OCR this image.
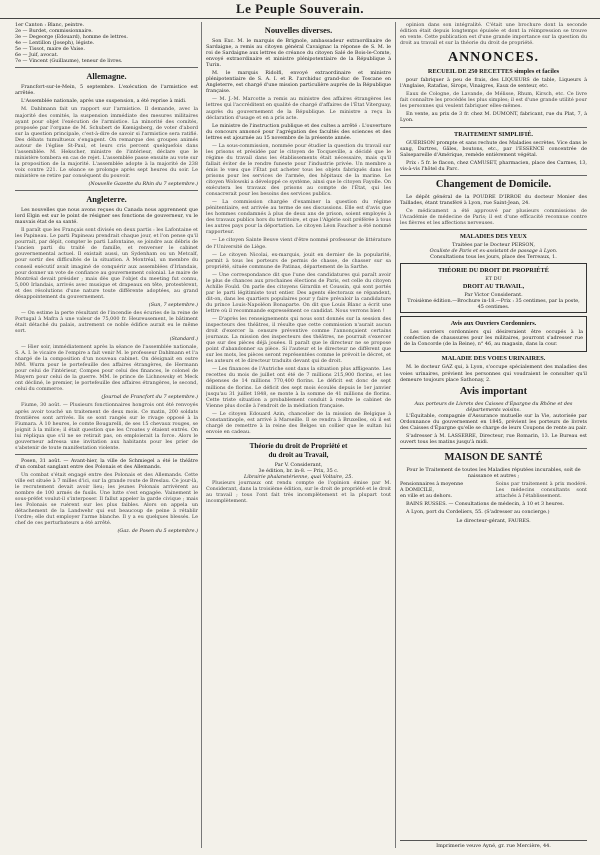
Le Peuple Souverain.
1er Canton : Blanc, peintre.
2e — Burdet, commissionnaire.
3e — Degeorge (Edouard), homme de lettres.
4e — Lentillon (Joseph), légiste.
5e — Tissot, maire de Vaise.
6e — Juif, avocat.
7e — Vincent (Guillaume), teneur de livres.
Allemagne.

Francfort-sur-le-Mein, 5 septembre. L'exécution de l'armistice est arrêtée.

L'Assemblée nationale, après une suspension, a été reprise à midi.

M. Dahlmann fait un rapport sur l'armistice. Il demande, avec la majorité des comités, la suspension immédiate des mesures militaires ayant pour objet l'exécution de l'armistice. La minorité des comités, proposée par l'organe de M. Schubert de Kœnigsberg, de voter d'abord sur la question principale, c'est-à-dire de savoir si l'armistice sera ratifié. Des débats tumultueux s'engagent. On remarque des groupes animés autour de l'église St-Paul, et leurs cris percent quelquefois dans l'assemblée. M. Hekscher, ministre de l'intérieur, déclare que le ministère tombera en cas de rejet. L'assemblée passe ensuite au vote sur la proposition de la majorité. L'assemblée adopte à la majorité de 238 voix contre 221. Le séance se prolonge après sept heures du soir. Le ministère se retire par conséquent du pouvoir.

(Nouvelle Gazette du Rhin du 7 septembre.)

Angleterre.

Les nouvelles que nous avons reçues du Canada nous apprennent que lord Elgin est sur le point de résigner ses fonctions de gouverneur, vu le mauvais état de sa santé.

Il paraît que les Français sont divisés en deux partis : les Lafontaine et les Papineau. Le parti Papineau prendrait chaque jour, et l'on pense qu'il pourrait, par dépit, compter le parti Lafontaine, se joindre aux débris de l'ancien parti du traité de famille, et renverser le cabinet gouvernemental actuel. Il existait aussi, un Sydenham ou un Metcalf, pour sortir des difficultés de la situation. À Montréal, un membre du conseil exécutif avait imaginé de conquérir aux assemblées d'Irlandais, pour donner un vote de confiance au gouvernement colonial. Le maire de Montréal devait présider ; mais dès que l'objet du meeting fut connu, 5,000 Irlandais, arrivés avec musique et drapeaux en tête, protestèrent, et des résolutions d'une nature toute différente adoptées, au grand désappointement du gouvernement.

(Sun, 7 septembre.)

— On estime la perte résultant de l'incendie des écuries de la reine de Portugal à Mafra à une valeur de 75,000 fr. Heureusement, le bâtiment était détaché du palais, autrement ce noble édifice aurait eu le même sort.

(Standard.)

— Hier soir, immédiatement après la séance de l'assemblée nationale, S. A. I. le vicaire de l'empire a fait venir M. le professeur Dahlmann et l'a chargé de la composition d'un nouveau cabinet. On désignait en outre MM. Wurm pour le portefeuille des affaires étrangères, de Hermann pour celui de l'intérieur, Compes pour celui des finances, le colonel de Mayern pour celui de la guerre. MM. le prince de Lichnowsky et Meck ont décliné, le premier, le portefeuille des affaires étrangères, le second, celui du commerce.

(Journal de Francfort du 7 septembre.)

Fiume, 30 août. — Plusieurs fonctionnaires hongrois ont été renvoyés après avoir touché un traitement de deux mois. Ce matin, 200 soldats frontières sont arrivés. Ils se sont rangés sur le rivage opposé à la Fiumara. À 10 heures, le comte Bougarelli, de ses 15 chevaux rouges, se joignit à la milice; il était question que les Croates y étaient entrés. On lui répliqua que s'il ne se retirait pas, on emploierait la force. Alors le gouverneur adressa une invitation aux habitants pour les prier de s'abstenir de toute manifestation violente.

Posen, 31 août. — Avant-hier, la ville de Schmiegel a été le théâtre d'un combat sanglant entre des Polonais et des Allemands.

Un combat s'était engagé entre des Polonais et des Allemands. Cette ville est située à 7 milles d'ici, sur la grande route de Breslau. Ce jour-là, le recrutement devait avoir lieu; les jeunes Polonais arrivèrent au nombre de 100 armés de fusils. Une lutte s'est engagée. Vainement le sous-préfet voulut-il s'interposer. Il fallut appeler la garde civique ; mais les Polonais se ruèrent sur les plus faibles. Alors on appela un détachement de la Landwehr qui eut beaucoup de peine à rétablir l'ordre; elle dut employer l'arme blanche. Il y a eu quelques blessés. Le chef de ces perturbateurs a été arrêté.

(Gaz. de Posen du 5 septembre.)

Nouvelles diverses.

Son Exc. M. le marquis de Brignole, ambassadeur extraordinaire de Sardaigne, a remis au citoyen général Cavaignac la réponse de S. M. le roi de Sardaigne aux lettres de créance du citoyen Salé de Bois-le-Comte, envoyé extraordinaire et ministre plénipotentiaire de la République à Turin.

M. le marquis Ridolfi, envoyé extraordinaire et ministre plénipotentiaire de S. A. I. et R. l'archiduc grand-duc de Toscane en Angleterre, est chargé d'une mission particulière auprès de la République française.

— M. J.-M. Marcotte a remis au ministre des affaires étrangères les lettres qui l'accréditent en qualité de chargé d'affaires de l'État Viterguay, auprès du gouvernement de la République. Le ministre a reçu la déclaration d'usage et en a pris acte.

Le ministre de l'instruction publique et des cultes a arrêté : L'ouverture du concours annoncé pour l'agrégation des facultés des sciences et des lettres est ajournée au 15 novembre de la présente année.

— La sous-commission, nommée pour étudier la question du travail sur les prisons et présidée par le citoyen de Tocqueville, a décidé que le régime du travail dans les établissements était nécessaire, mais qu'il fallait éviter de le rendre funeste pour l'industrie privée. Un membre a émis le vœu que l'État put acheter tous les objets fabriqués dans les prisons pour les services de l'armée, des hôpitaux de la marine. Le citoyen Wolowski a développé ce système, ainsi que le citoyen Fayolle. On exécutera les travaux des prisons au compte de l'État, qui les consacrerait pour les besoins des services publics.

— La commission chargée d'examiner la question du régime pénitentiaire, est arrivée au terme de ses discussions. Elle est d'avis que les hommes condamnés à plus de deux ans de prison, soient employés à des travaux publics hors du territoire, et que l'Algérie soit préférée à tous les autres pays pour la déportation. Le citoyen Léon Faucher a été nommé rapporteur.

— Le citoyen Sainte Beuve vient d'être nommé professeur de littérature de l'Université de Liège.

— Le citoyen Nicolai, ex-marquis, jouit en dernier de la popularité, permit à tous les porteurs de permis de chasse, de chasser sur sa propriété, située commune de Patinas, département de la Sarthe.

— Une correspondance dit que l'une des candidatures qui paraît avoir le plus de chances aux prochaines élections de Paris, est celle du citoyen Achille Fould. On parle des citoyens Girardin et Coussin, qui sont portés par le parti légitimiste tout entier. Des agents électoraux se répandent, dit-on, dans les quartiers populaires pour y faire prévaloir la candidature du prince Louis-Napoléon Bonaparte. On dit que Louis Blanc a écrit une lettre où il recommande expressément ce candidat. Nous verrons bien !

— D'après les renseignements qui nous sont donnés sur la session des inspecteurs des théâtres, il résulte que cette commission n'aurait aucun droit d'exercer la censure préventive comme l'annonçaient certains journaux. La mission des inspecteurs des théâtres, ne pourrait s'exercer que sur des pièces déjà jouées. Il paraît que le directeur ne se propose point d'abandonner sa pièce. Si l'auteur et le directeur ne diffèrent que sur les mots, les pièces seront représentées comme le prévoit le décret, et les auteurs et le directeur traduits devant qui de droit.

— Les finances de l'Autriche sont dans la situation plus affligeante. Les recettes du mois de juillet ont été de 7 millions 215,900 florins, et les dépenses de 14 millions 770,400 florins. Le déficit est donc de sept millions de florins. Le déficit des sept mois écoulés depuis le 1er janvier jusqu'au 31 juillet 1848, se monte à la somme de 41 millions de florins. Cette triste situation a probablement conduit à rendre le cabinet de Vienne plus docile à l'endroit de la médiation française.

— Le citoyen Edouard Azin, chancelier de la mission de Belgique à Constantinople, est arrivé à Marseille. Il se rendra à Bruxelles, où il est chargé de remettre à la reine des Belges un collier que le sultan lui envoie en cadeau.

Théorie du droit de Propriété et
du droit au Travail,
Par V. Considerant,
3e édition, br. in-8. — Prix, 35 c.
Librairie phalanstérienne, quai Voltaire, 25.

Plusieurs journaux ont rendu compte de l'opinion émise par M. Considerant, dans la troisième édition, sur le droit de propriété et le droit au travail ; tous l'ont fait très incomplètement et la plupart tout incomplètement.

opinion dans son intégralité. C'était une brochure dont la seconde édition était depuis longtemps épuisée et dont la réimpression se trouve en vente. Cette publication est d'une grande importance sur la question du droit au travail et sur la théorie du droit de propriété.

ANNONCES.
RECUEIL DE 250 RECETTES simples et faciles

pour fabriquer à peu de frais, des LIQUEURS de table, Liqueurs à l'Anglaise, Ratafias, Sirops, Vinaigres, Eaux de senteur, etc.

Eaux de Cologne, de Lavande, de Mélisse, Rhum, Kirsch, etc. Ce livre fait connaître les procédés les plus simples; il est d'une grande utilité pour les personnes qui veulent fabriquer elles-mêmes.

En vente, au prix de 3 fr. chez M. DUMONT, fabricant, rue du Plat, 7, à Lyon.

TRAITEMENT SIMPLIFIÉ.

GUÉRISON prompte et sans rechute des Maladies secrètes. Vice dans le sang, Dartres, Gâles, boutons, etc., par l'ESSENCE concentrée de Salsepareille d'Amérique, remède entièrement végétal.

Prix : 5 fr. le flacon, chez CAMUSET, pharmacien, place des Carmes, 13, vis-à-vis l'hôtel du Parc.

Changement de Domicile.

Le dépôt général de la POUDRE D'IRROE du docteur Monier des Taillades, étant transféré à Lyon, rue Saint-Jean, 24.

Ce médicament a été approuvé par plusieurs commissions de l'Académie de médecine de Paris; il est d'une efficacité reconnue contre les fièvres et les affections nerveuses.

MALADIES DES YEUX
Traitées par le Docteur PERSON,
Oculiste de Paris et ex-assistant de passage à Lyon.
Consultations tous les jours, place des Terreaux, 1.
THÉORIE DU DROIT DE PROPRIÉTÉ
ET DU
DROIT AU TRAVAIL,
Par Victor Considerant.
Troisième édition.—Brochure in-18.—Prix : 35 centimes, par la poste, 45 centimes.
Avis aux Ouvriers Cordonniers.

Les ouvriers cordonniers qui désireraient être occupés à la confection de chaussures pour les militaires, pourront s'adresser rue de la Concorde (de la Reine), n° 46, au magasin, dans la cour.

MALADIE DES VOIES URINAIRES.

M. le docteur GAZ qui, à Lyon, s'occupe spécialement des maladies des voies urinaires, prévient les personnes qui voudraient le consulter qu'il demeure toujours place Sathonay, 2.

Avis important
Aux porteurs de Livrets des Caisses d'Épargne du Rhône et des départements voisins.

L'Équitable, compagnie d'Assurance mutuelle sur la Vie, autorisée par Ordonnance du gouvernement en 1845, prévient les porteurs de livrets des Caisses d'Épargne qu'elle se charge de leurs Coupons de rente au pair.

S'adresser à M. LASSERRE, Directeur, rue Romarin, 13. Le Bureau est ouvert tous les matins jusqu'à midi.

MAISON DE SANTÉ
Pour le Traitement de toutes les Maladies réputées incurables, soit de naissance et autres ;
Pensionnaires à moyenne
A DOMICILE,
en ville et au dehors.
Soins par traitement à prix modéré. Les médecins consultants sont attachés à l'établissement.

BAINS RUSSES. — Consultations de médecin, à 10 et 3 heures.

A Lyon, port du Cordeliers, 55. (S'adresser au concierge.)

Le directeur-gérant, FAURES.
Imprimerie veuve Ayné, gr. rue Mercière, 44.
